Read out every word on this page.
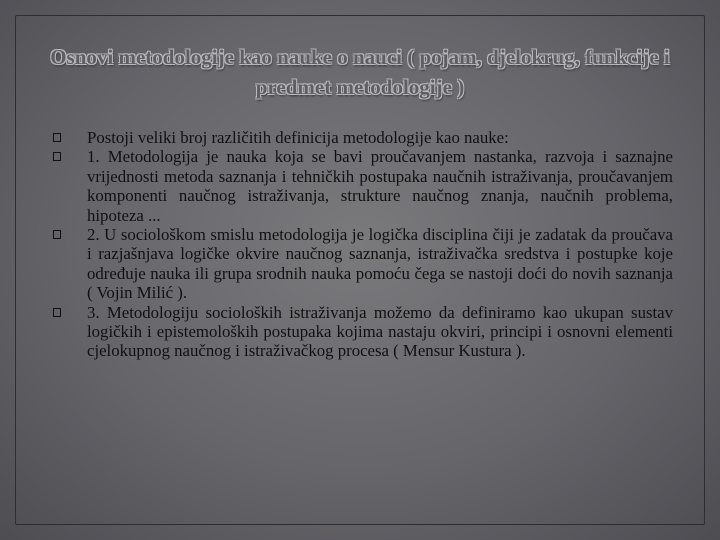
Osnovi metodologije kao nauke o nauci ( pojam, djelokrug, funkcije i predmet metodologije )
Postoji veliki broj različitih definicija metodologije kao nauke:
1. Metodologija je nauka koja se bavi proučavanjem nastanka, razvoja i saznajne vrijednosti metoda saznanja i tehničkih postupaka naučnih istraživanja, proučavanjem komponenti naučnog istraživanja, strukture naučnog znanja, naučnih problema, hipoteza ...
2. U sociološkom smislu metodologija je logička disciplina čiji je zadatak da proučava i razjašnjava logičke okvire naučnog saznanja, istraživačka sredstva i postupke koje određuje nauka ili grupa srodnih nauka pomoću čega se nastoji doći do novih saznanja ( Vojin Milić ).
3. Metodologiju socioloških istraživanja možemo da definiramo kao ukupan sustav logičkih i epistemoloških postupaka kojima nastaju okviri, principi i osnovni elementi cjelokupnog naučnog i istraživačkog procesa ( Mensur Kustura ).
